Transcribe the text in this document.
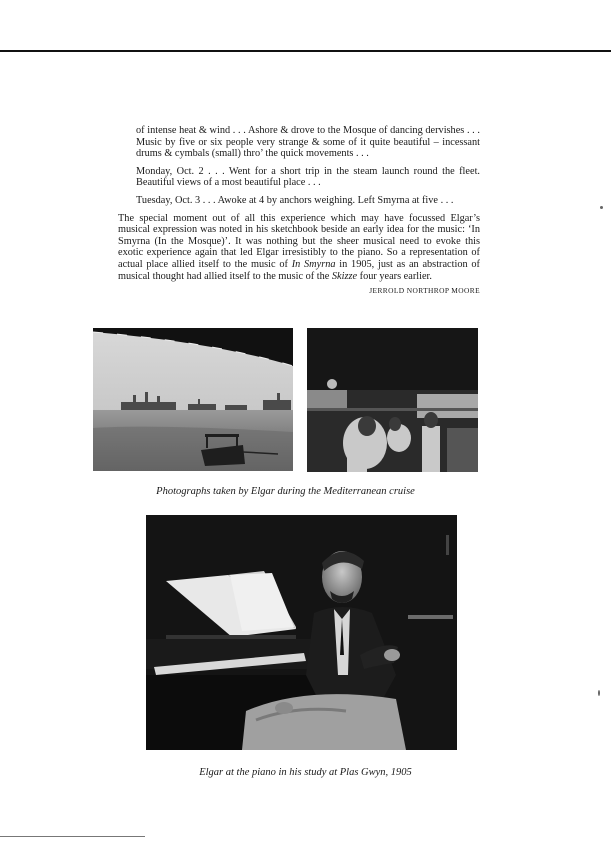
of intense heat & wind . . . Ashore & drove to the Mosque of dancing dervishes . . . Music by five or six people very strange & some of it quite beautiful – incessant drums & cymbals (small) thro’ the quick movements . . .

Monday, Oct. 2 . . . Went for a short trip in the steam launch round the fleet. Beautiful views of a most beautiful place . . .

Tuesday, Oct. 3 . . . Awoke at 4 by anchors weighing. Left Smyrna at five . . .

The special moment out of all this experience which may have focussed Elgar’s musical expression was noted in his sketchbook beside an early idea for the music: ‘In Smyrna (In the Mosque)’. It was nothing but the sheer musical need to evoke this exotic experience again that led Elgar irresistibly to the piano. So a representation of actual place allied itself to the music of In Smyrna in 1905, just as an abstraction of musical thought had allied itself to the music of the Skizze four years earlier.

JERROLD NORTHROP MOORE
Photographs taken by Elgar during the Mediterranean cruise
Elgar at the piano in his study at Plas Gwyn, 1905
